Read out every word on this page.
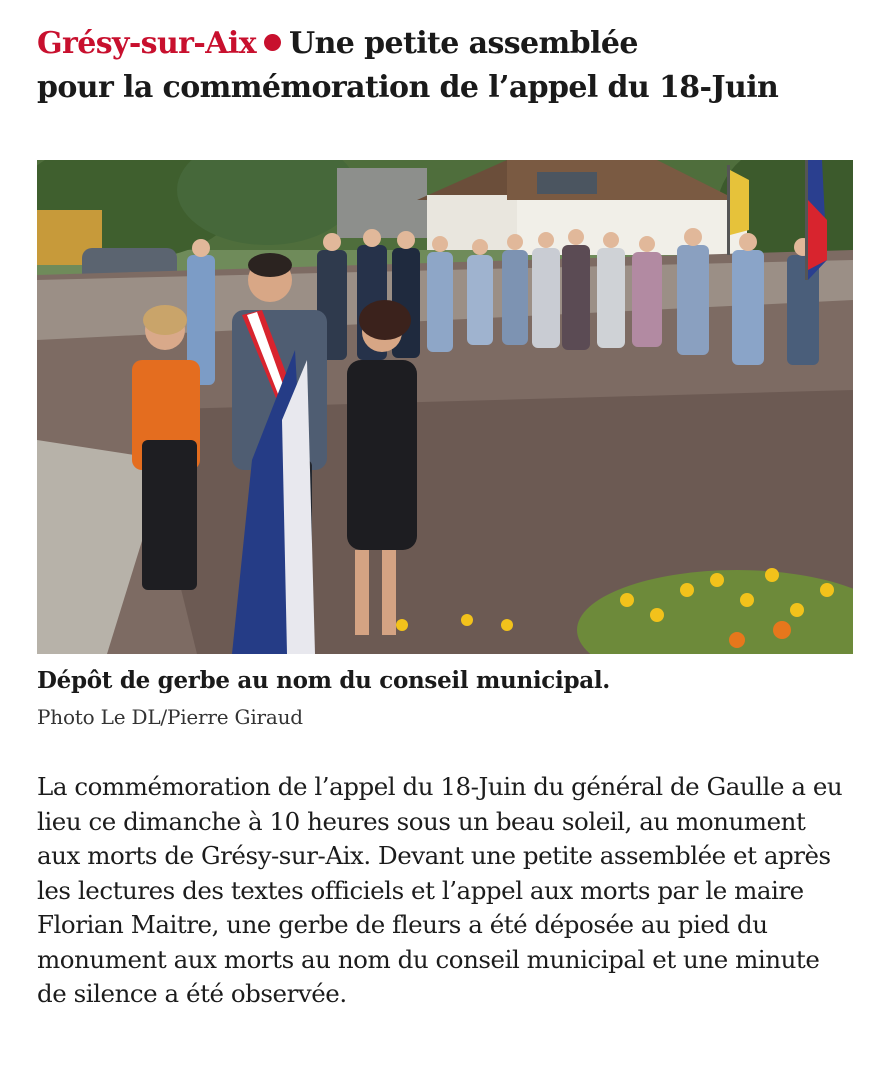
Grésy-sur-Aix Une petite assemblée
pour la commémoration de l’appel du 18-Juin
Dépôt de gerbe au nom du conseil municipal.
Photo Le DL/Pierre Giraud

La commémoration de l’appel du 18-Juin du général de Gaulle a eu lieu ce dimanche à 10 heures sous un beau soleil, au monument aux morts de Grésy-sur-Aix. Devant une petite assemblée et après les lectures des textes officiels et l’appel aux morts par le maire Florian Maitre, une gerbe de fleurs a été déposée au pied du monument aux morts au nom du conseil municipal et une minute de silence a été observée.
